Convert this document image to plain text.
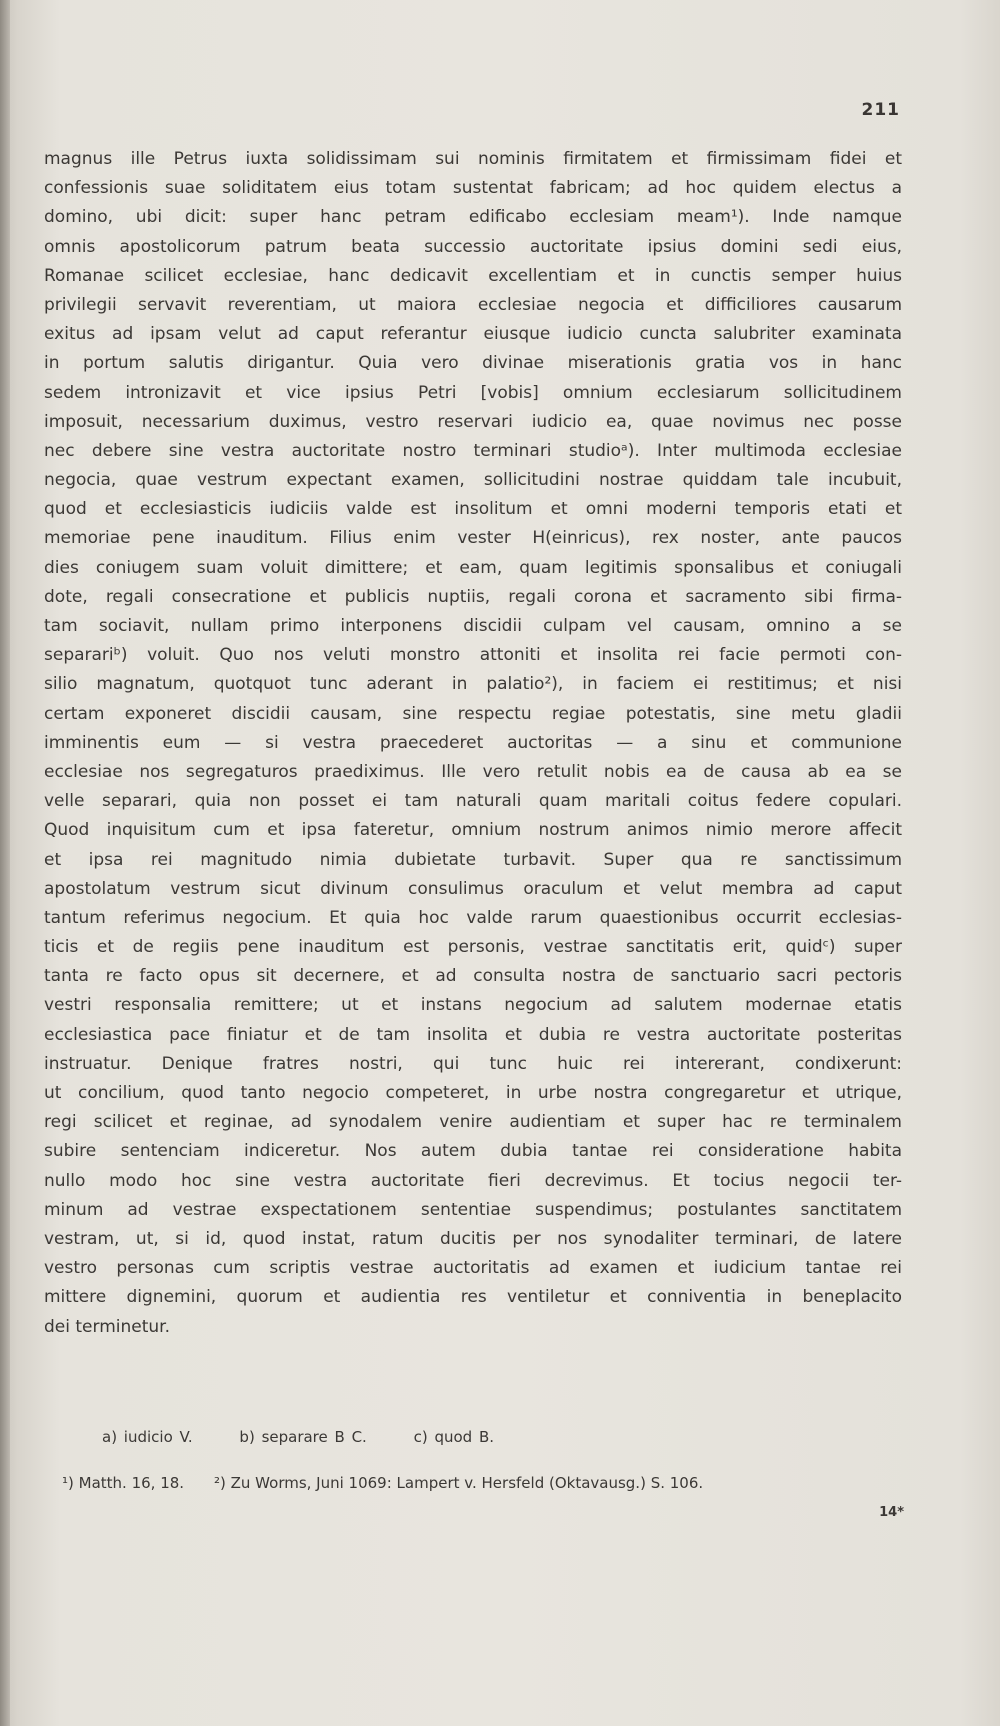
211
magnus ille Petrus iuxta solidissimam sui nominis firmitatem et firmissimam fidei et
confessionis suae soliditatem eius totam sustentat fabricam; ad hoc quidem electus a
domino, ubi dicit: super hanc petram edificabo ecclesiam meam¹). Inde namque
omnis apostolicorum patrum beata successio auctoritate ipsius domini sedi eius,
Romanae scilicet ecclesiae, hanc dedicavit excellentiam et in cunctis semper huius
privilegii servavit reverentiam, ut maiora ecclesiae negocia et difficiliores causarum
exitus ad ipsam velut ad caput referantur eiusque iudicio cuncta salubriter examinata
in portum salutis dirigantur. Quia vero divinae miserationis gratia vos in hanc
sedem intronizavit et vice ipsius Petri [vobis] omnium ecclesiarum sollicitudinem
imposuit, necessarium duximus, vestro reservari iudicio ea, quae novimus nec posse
nec debere sine vestra auctoritate nostro terminari studioᵃ). Inter multimoda ecclesiae
negocia, quae vestrum expectant examen, sollicitudini nostrae quiddam tale incubuit,
quod et ecclesiasticis iudiciis valde est insolitum et omni moderni temporis etati et
memoriae pene inauditum. Filius enim vester H(einricus), rex noster, ante paucos
dies coniugem suam voluit dimittere; et eam, quam legitimis sponsalibus et coniugali
dote, regali consecratione et publicis nuptiis, regali corona et sacramento sibi firma-
tam sociavit, nullam primo interponens discidii culpam vel causam, omnino a se
separariᵇ) voluit. Quo nos veluti monstro attoniti et insolita rei facie permoti con-
silio magnatum, quotquot tunc aderant in palatio²), in faciem ei restitimus; et nisi
certam exponeret discidii causam, sine respectu regiae potestatis, sine metu gladii
imminentis eum — si vestra praecederet auctoritas — a sinu et communione
ecclesiae nos segregaturos praediximus. Ille vero retulit nobis ea de causa ab ea se
velle separari, quia non posset ei tam naturali quam maritali coitus federe copulari.
Quod inquisitum cum et ipsa fateretur, omnium nostrum animos nimio merore affecit
et ipsa rei magnitudo nimia dubietate turbavit. Super qua re sanctissimum
apostolatum vestrum sicut divinum consulimus oraculum et velut membra ad caput
tantum referimus negocium. Et quia hoc valde rarum quaestionibus occurrit ecclesias-
ticis et de regiis pene inauditum est personis, vestrae sanctitatis erit, quidᶜ) super
tanta re facto opus sit decernere, et ad consulta nostra de sanctuario sacri pectoris
vestri responsalia remittere; ut et instans negocium ad salutem modernae etatis
ecclesiastica pace finiatur et de tam insolita et dubia re vestra auctoritate posteritas
instruatur. Denique fratres nostri, qui tunc huic rei intererant, condixerunt:
ut concilium, quod tanto negocio competeret, in urbe nostra congregaretur et utrique,
regi scilicet et reginae, ad synodalem venire audientiam et super hac re terminalem
subire sentenciam indiceretur. Nos autem dubia tantae rei consideratione habita
nullo modo hoc sine vestra auctoritate fieri decrevimus. Et tocius negocii ter-
minum ad vestrae exspectationem sententiae suspendimus; postulantes sanctitatem
vestram, ut, si id, quod instat, ratum ducitis per nos synodaliter terminari, de latere
vestro personas cum scriptis vestrae auctoritatis ad examen et iudicium tantae rei
mittere dignemini, quorum et audientia res ventiletur et conniventia in beneplacito
dei terminetur.
a) iudicio V.	b) separare B C.	c) quod B.
¹) Matth. 16, 18. ²) Zu Worms, Juni 1069: Lampert v. Hersfeld (Oktavausg.) S. 106.
14*
